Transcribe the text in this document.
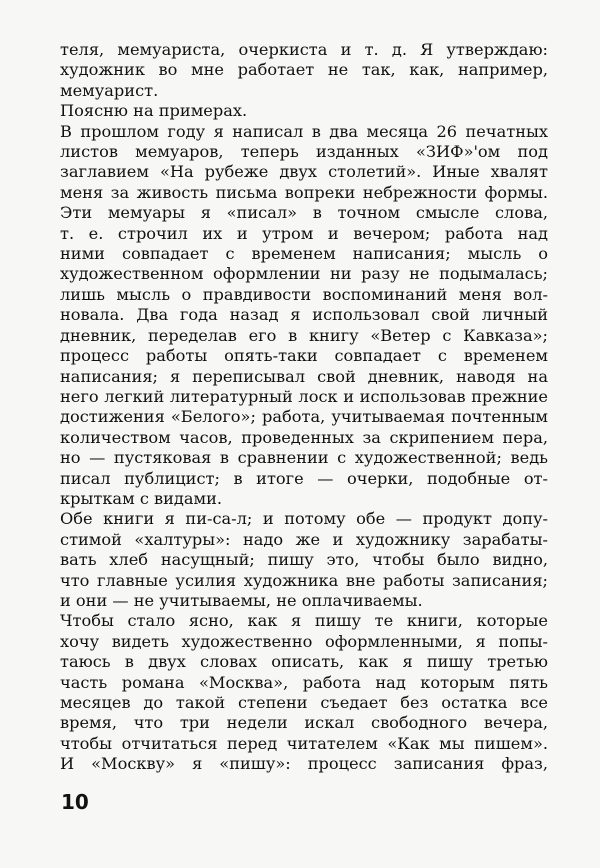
теля, мемуариста, очеркиста и т. д. Я утверждаю:
художник во мне работает не так, как, например,
мемуарист.
Поясню на примерах.
В прошлом году я написал в два месяца 26 печатных
листов мемуаров, теперь изданных «ЗИФ»'ом под
заглавием «На рубеже двух столетий». Иные хвалят
меня за живость письма вопреки небрежности формы.
Эти мемуары я «писал» в точном смысле слова,
т. е. строчил их и утром и вечером; работа над
ними совпадает с временем написания; мысль о
художественном оформлении ни разу не подымалась;
лишь мысль о правдивости воспоминаний меня вол-
новала. Два года назад я использовал свой личный
дневник, переделав его в книгу «Ветер с Кавказа»;
процесс работы опять-таки совпадает с временем
написания; я переписывал свой дневник, наводя на
него легкий литературный лоск и использовав прежние
достижения «Белого»; работа, учитываемая почтенным
количеством часов, проведенных за скрипением пера,
но — пустяковая в сравнении с художественной; ведь
писал публицист; в итоге — очерки, подобные от-
крыткам с видами.
Обе книги я пи-са-л; и потому обе — продукт допу-
стимой «халтуры»: надо же и художнику зарабаты-
вать хлеб насущный; пишу это, чтобы было видно,
что главные усилия художника вне работы записания;
и они — не учитываемы, не оплачиваемы.
Чтобы стало ясно, как я пишу те книги, которые
хочу видеть художественно оформленными, я попы-
таюсь в двух словах описать, как я пишу третью
часть романа «Москва», работа над которым пять
месяцев до такой степени съедает без остатка все
время, что три недели искал свободного вечера,
чтобы отчитаться перед читателем «Как мы пишем».
И «Москву» я «пишу»: процесс записания фраз,
10
